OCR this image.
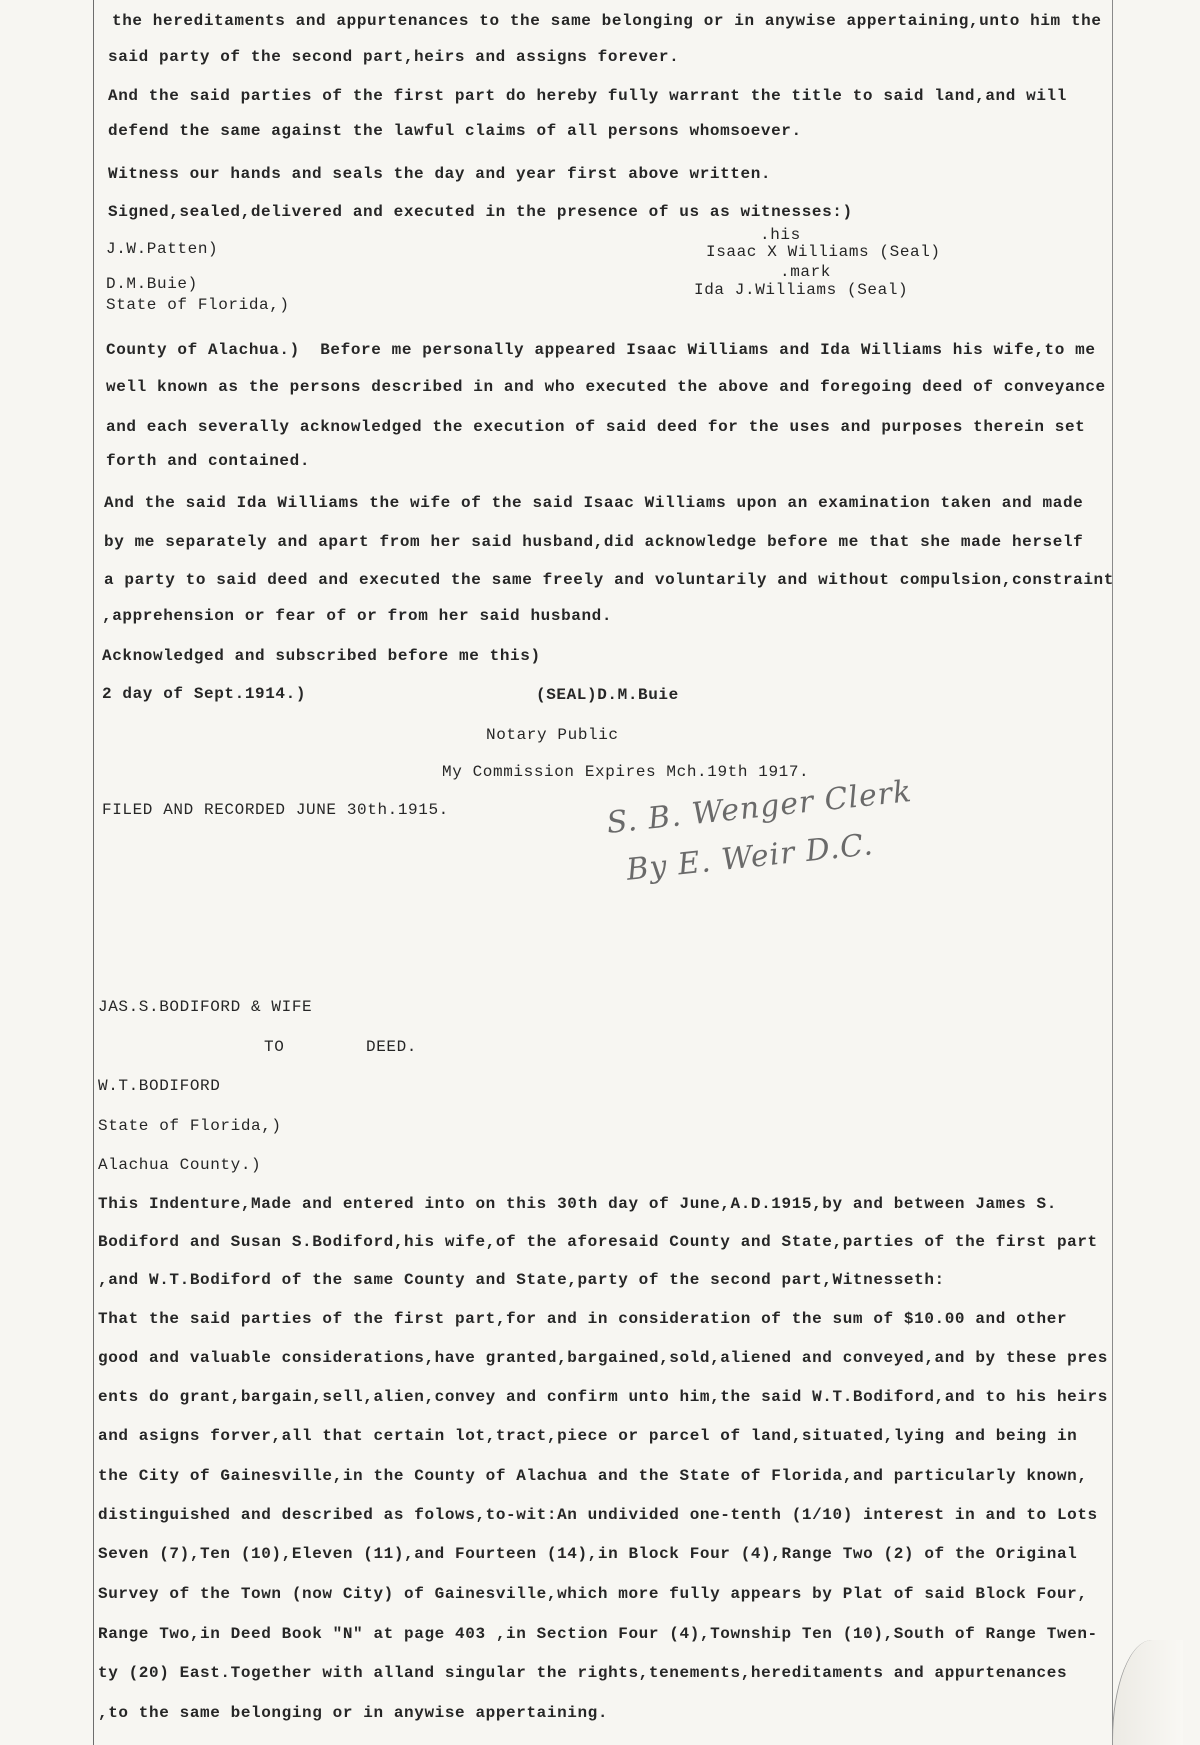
the hereditaments and appurtenances to the same belonging or in anywise appertaining,unto him the
said party of the second part,heirs and assigns forever.
And the said parties of the first part do hereby fully warrant the title to said land,and will
defend the same against the lawful claims of all persons whomsoever.
Witness our hands and seals the day and year first above written.
Signed,sealed,delivered and executed in the presence of us as witnesses:)
.his
J.W.Patten)	Isaac X Williams (Seal)
.mark
D.M.Buie)	Ida J.Williams (Seal)
State of Florida,)
County of Alachua.)  Before me personally appeared Isaac Williams and Ida Williams his wife,to me
well known as the persons described in and who executed the above and foregoing deed of conveyance
and each severally acknowledged the execution of said deed for the uses and purposes therein set
forth and contained.
And the said Ida Williams the wife of the said Isaac Williams upon an examination taken and made
by me separately and apart from her said husband,did acknowledge before me that she made herself
a party to said deed and executed the same freely and voluntarily and without compulsion,constraint
,apprehension or fear of or from her said husband.
Acknowledged and subscribed before me this)
2 day of Sept.1914.)	(SEAL)D.M.Buie
Notary Public
My Commission Expires Mch.19th 1917.
FILED AND RECORDED JUNE 30th.1915.	S. B. Wenger Clerk
By E. Weir D.C.
JAS.S.BODIFORD & WIFE
TO	DEED.
W.T.BODIFORD
State of Florida,)
Alachua County.)
This Indenture,Made and entered into on this 30th day of June,A.D.1915,by and between James S.
Bodiford and Susan S.Bodiford,his wife,of the aforesaid County and State,parties of the first part
,and W.T.Bodiford of the same County and State,party of the second part,Witnesseth:
That the said parties of the first part,for and in consideration of the sum of $10.00 and other
good and valuable considerations,have granted,bargained,sold,aliened and conveyed,and by these pres
ents do grant,bargain,sell,alien,convey and confirm unto him,the said W.T.Bodiford,and to his heirs
and asigns forver,all that certain lot,tract,piece or parcel of land,situated,lying and being in
the City of Gainesville,in the County of Alachua and the State of Florida,and particularly known,
distinguished and described as folows,to-wit:An undivided one-tenth (1/10) interest in and to Lots
Seven (7),Ten (10),Eleven (11),and Fourteen (14),in Block Four (4),Range Two (2) of the Original
Survey of the Town (now City) of Gainesville,which more fully appears by Plat of said Block Four,
Range Two,in Deed Book "N" at page 403 ,in Section Four (4),Township Ten (10),South of Range Twen-
ty (20) East.Together with alland singular the rights,tenements,hereditaments and appurtenances
,to the same belonging or in anywise appertaining.
